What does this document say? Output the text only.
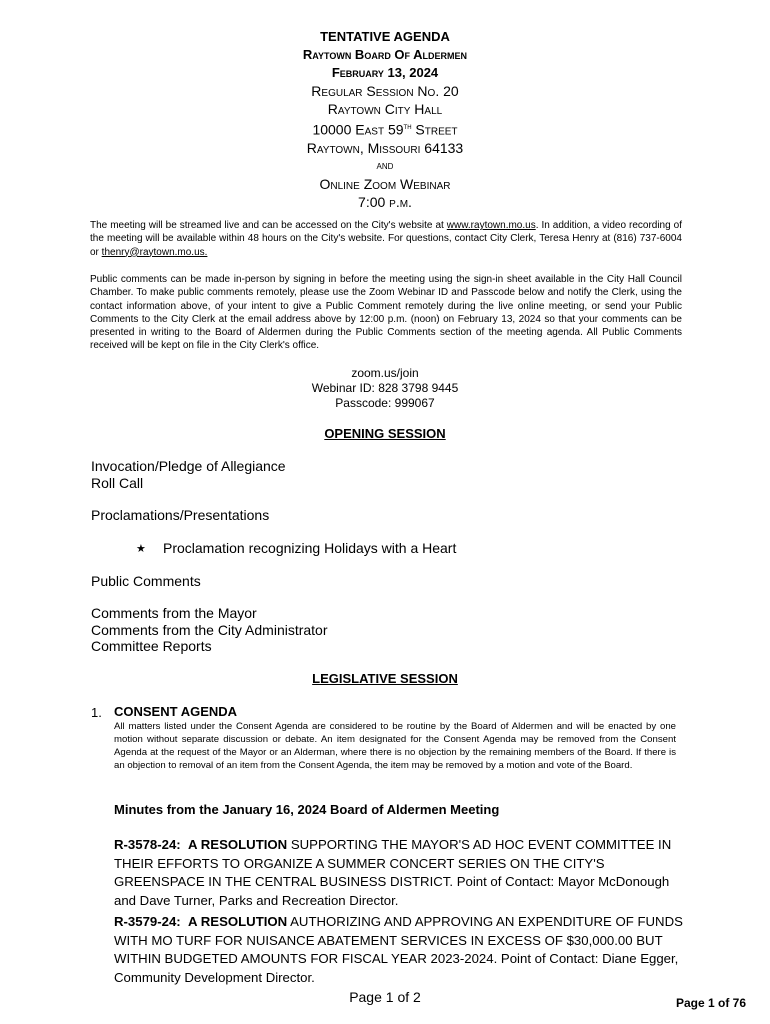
TENTATIVE AGENDA
Raytown Board Of Aldermen
February 13, 2024
Regular Session No. 20
Raytown City Hall
10000 East 59th Street
Raytown, Missouri 64133
and
Online Zoom Webinar
7:00 p.m.
The meeting will be streamed live and can be accessed on the City's website at www.raytown.mo.us. In addition, a video recording of the meeting will be available within 48 hours on the City's website. For questions, contact City Clerk, Teresa Henry at (816) 737-6004 or thenry@raytown.mo.us.
Public comments can be made in-person by signing in before the meeting using the sign-in sheet available in the City Hall Council Chamber. To make public comments remotely, please use the Zoom Webinar ID and Passcode below and notify the Clerk, using the contact information above, of your intent to give a Public Comment remotely during the live online meeting, or send your Public Comments to the City Clerk at the email address above by 12:00 p.m. (noon) on February 13, 2024 so that your comments can be presented in writing to the Board of Aldermen during the Public Comments section of the meeting agenda. All Public Comments received will be kept on file in the City Clerk's office.
zoom.us/join
Webinar ID: 828 3798 9445
Passcode: 999067
OPENING SESSION
Invocation/Pledge of Allegiance
Roll Call
Proclamations/Presentations
★ Proclamation recognizing Holidays with a Heart
Public Comments
Comments from the Mayor
Comments from the City Administrator
Committee Reports
LEGISLATIVE SESSION
1. CONSENT AGENDA
All matters listed under the Consent Agenda are considered to be routine by the Board of Aldermen and will be enacted by one motion without separate discussion or debate. An item designated for the Consent Agenda may be removed from the Consent Agenda at the request of the Mayor or an Alderman, where there is no objection by the remaining members of the Board. If there is an objection to removal of an item from the Consent Agenda, the item may be removed by a motion and vote of the Board.
Minutes from the January 16, 2024 Board of Aldermen Meeting
R-3578-24: A RESOLUTION SUPPORTING THE MAYOR'S AD HOC EVENT COMMITTEE IN THEIR EFFORTS TO ORGANIZE A SUMMER CONCERT SERIES ON THE CITY'S GREENSPACE IN THE CENTRAL BUSINESS DISTRICT. Point of Contact: Mayor McDonough and Dave Turner, Parks and Recreation Director.
R-3579-24: A RESOLUTION AUTHORIZING AND APPROVING AN EXPENDITURE OF FUNDS WITH MO TURF FOR NUISANCE ABATEMENT SERVICES IN EXCESS OF $30,000.00 BUT WITHIN BUDGETED AMOUNTS FOR FISCAL YEAR 2023-2024. Point of Contact: Diane Egger, Community Development Director.
Page 1 of 2	Page 1 of 76
